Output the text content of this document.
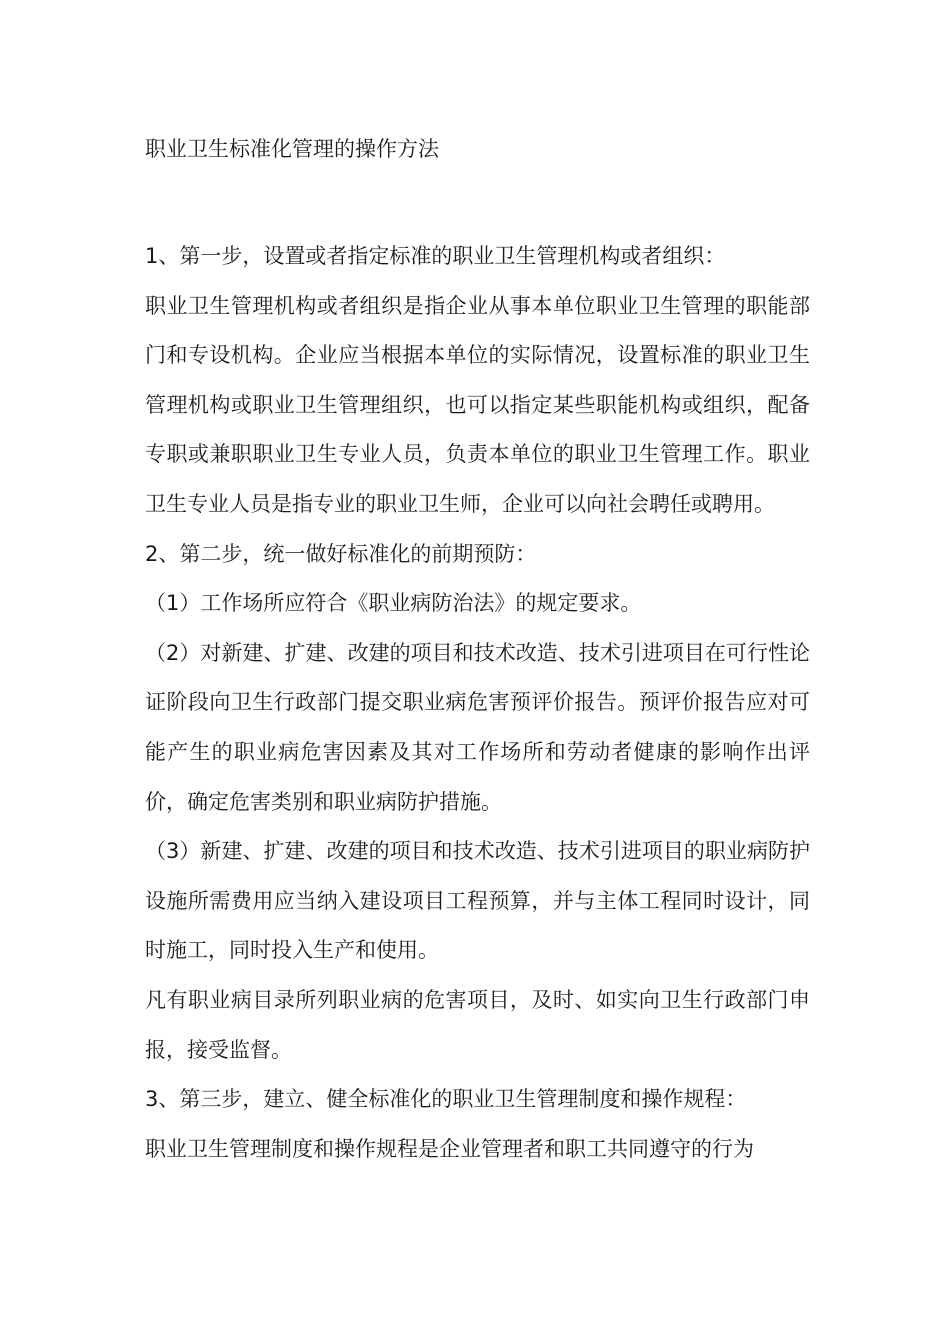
职业卫生标准化管理的操作方法

1、第一步，设置或者指定标准的职业卫生管理机构或者组织：

职业卫生管理机构或者组织是指企业从事本单位职业卫生管理的职能部门和专设机构。企业应当根据本单位的实际情况，设置标准的职业卫生管理机构或职业卫生管理组织，也可以指定某些职能机构或组织，配备专职或兼职职业卫生专业人员，负责本单位的职业卫生管理工作。职业卫生专业人员是指专业的职业卫生师，企业可以向社会聘任或聘用。

2、第二步，统一做好标准化的前期预防：

（1）工作场所应符合《职业病防治法》的规定要求。

（2）对新建、扩建、改建的项目和技术改造、技术引进项目在可行性论证阶段向卫生行政部门提交职业病危害预评价报告。预评价报告应对可能产生的职业病危害因素及其对工作场所和劳动者健康的影响作出评价，确定危害类别和职业病防护措施。

（3）新建、扩建、改建的项目和技术改造、技术引进项目的职业病防护设施所需费用应当纳入建设项目工程预算，并与主体工程同时设计，同时施工，同时投入生产和使用。

凡有职业病目录所列职业病的危害项目，及时、如实向卫生行政部门申报，接受监督。

3、第三步，建立、健全标准化的职业卫生管理制度和操作规程：

职业卫生管理制度和操作规程是企业管理者和职工共同遵守的行为
